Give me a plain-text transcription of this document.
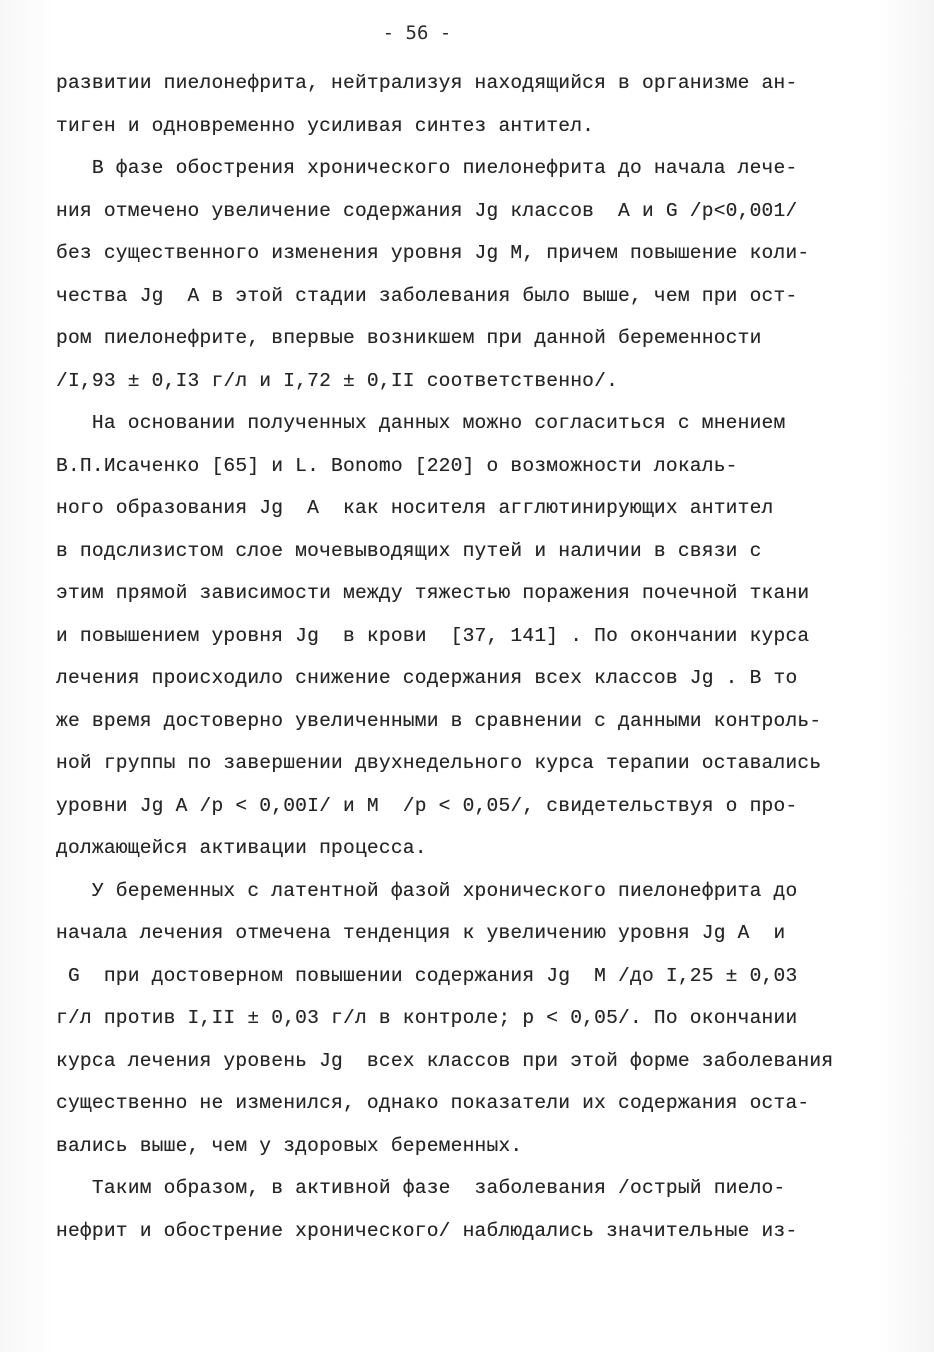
- 56 -
развитии пиелонефрита, нейтрализуя находящийся в организме ан-
тиген и одновременно усиливая синтез антител.
В фазе обострения хронического пиелонефрита до начала лече-
ния отмечено увеличение содержания Jg классов  А и G /р<0,001/
без существенного изменения уровня Jg M, причем повышение коли-
чества Jg  А в этой стадии заболевания было выше, чем при ост-
ром пиелонефрите, впервые возникшем при данной беременности
/I,93 ± 0,I3 г/л и I,72 ± 0,II соответственно/.
На основании полученных данных можно согласиться с мнением
В.П.Исаченко [65] и L. Bonomo [220] о возможности локаль-
ного образования Jg  А  как носителя агглютинирующих антител
в подслизистом слое мочевыводящих путей и наличии в связи с
этим прямой зависимости между тяжестью поражения почечной ткани
и повышением уровня Jg  в крови  [37, 141] . По окончании курса
лечения происходило снижение содержания всех классов Jg . В то
же время достоверно увеличенными в сравнении с данными контроль-
ной группы по завершении двухнедельного курса терапии оставались
уровни Jg А /р < 0,00I/ и М  /р < 0,05/, свидетельствуя о про-
должающейся активации процесса.
У беременных с латентной фазой хронического пиелонефрита до
начала лечения отмечена тенденция к увеличению уровня Jg А  и
G  при достоверном повышении содержания Jg  М /до I,25 ± 0,03
г/л против I,II ± 0,03 г/л в контроле; р < 0,05/. По окончании
курса лечения уровень Jg  всех классов при этой форме заболевания
существенно не изменился, однако показатели их содержания оста-
вались выше, чем у здоровых беременных.
Таким образом, в активной фазе  заболевания /острый пиело-
нефрит и обострение хронического/ наблюдались значительные из-
